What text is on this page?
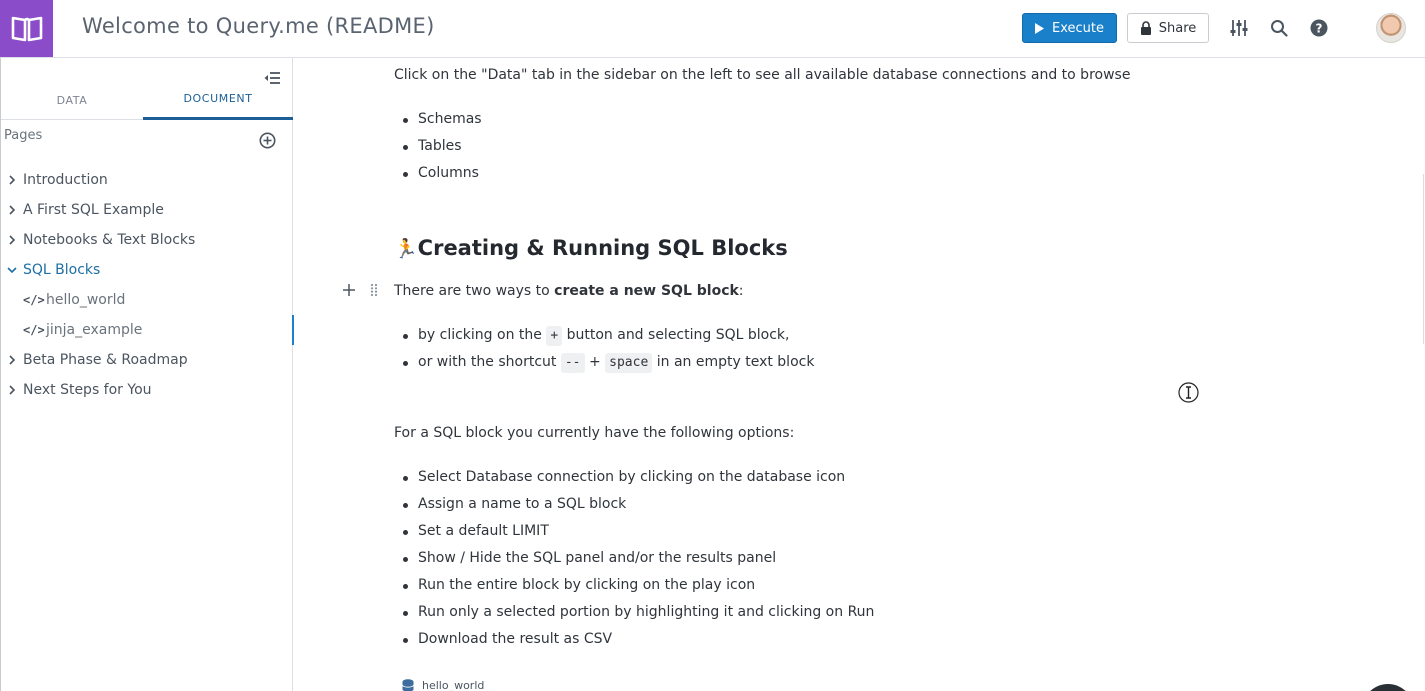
Welcome to Query.me (README)	Execute	Share	?
DATA	DOCUMENT
Pages
Introduction
A First SQL Example
Notebooks & Text Blocks
SQL Blocks
</> hello_world
</> jinja_example
Beta Phase & Roadmap
Next Steps for You
Click on the "Data" tab in the sidebar on the left to see all available database connections and to browse
Schemas
Tables
Columns
🏃 Creating & Running SQL Blocks
There are two ways to create a new SQL block:
by clicking on the + button and selecting SQL block,
or with the shortcut -- + space in an empty text block
For a SQL block you currently have the following options:
Select Database connection by clicking on the database icon
Assign a name to a SQL block
Set a default LIMIT
Show / Hide the SQL panel and/or the results panel
Run the entire block by clicking on the play icon
Run only a selected portion by highlighting it and clicking on Run
Download the result as CSV
hello_world
